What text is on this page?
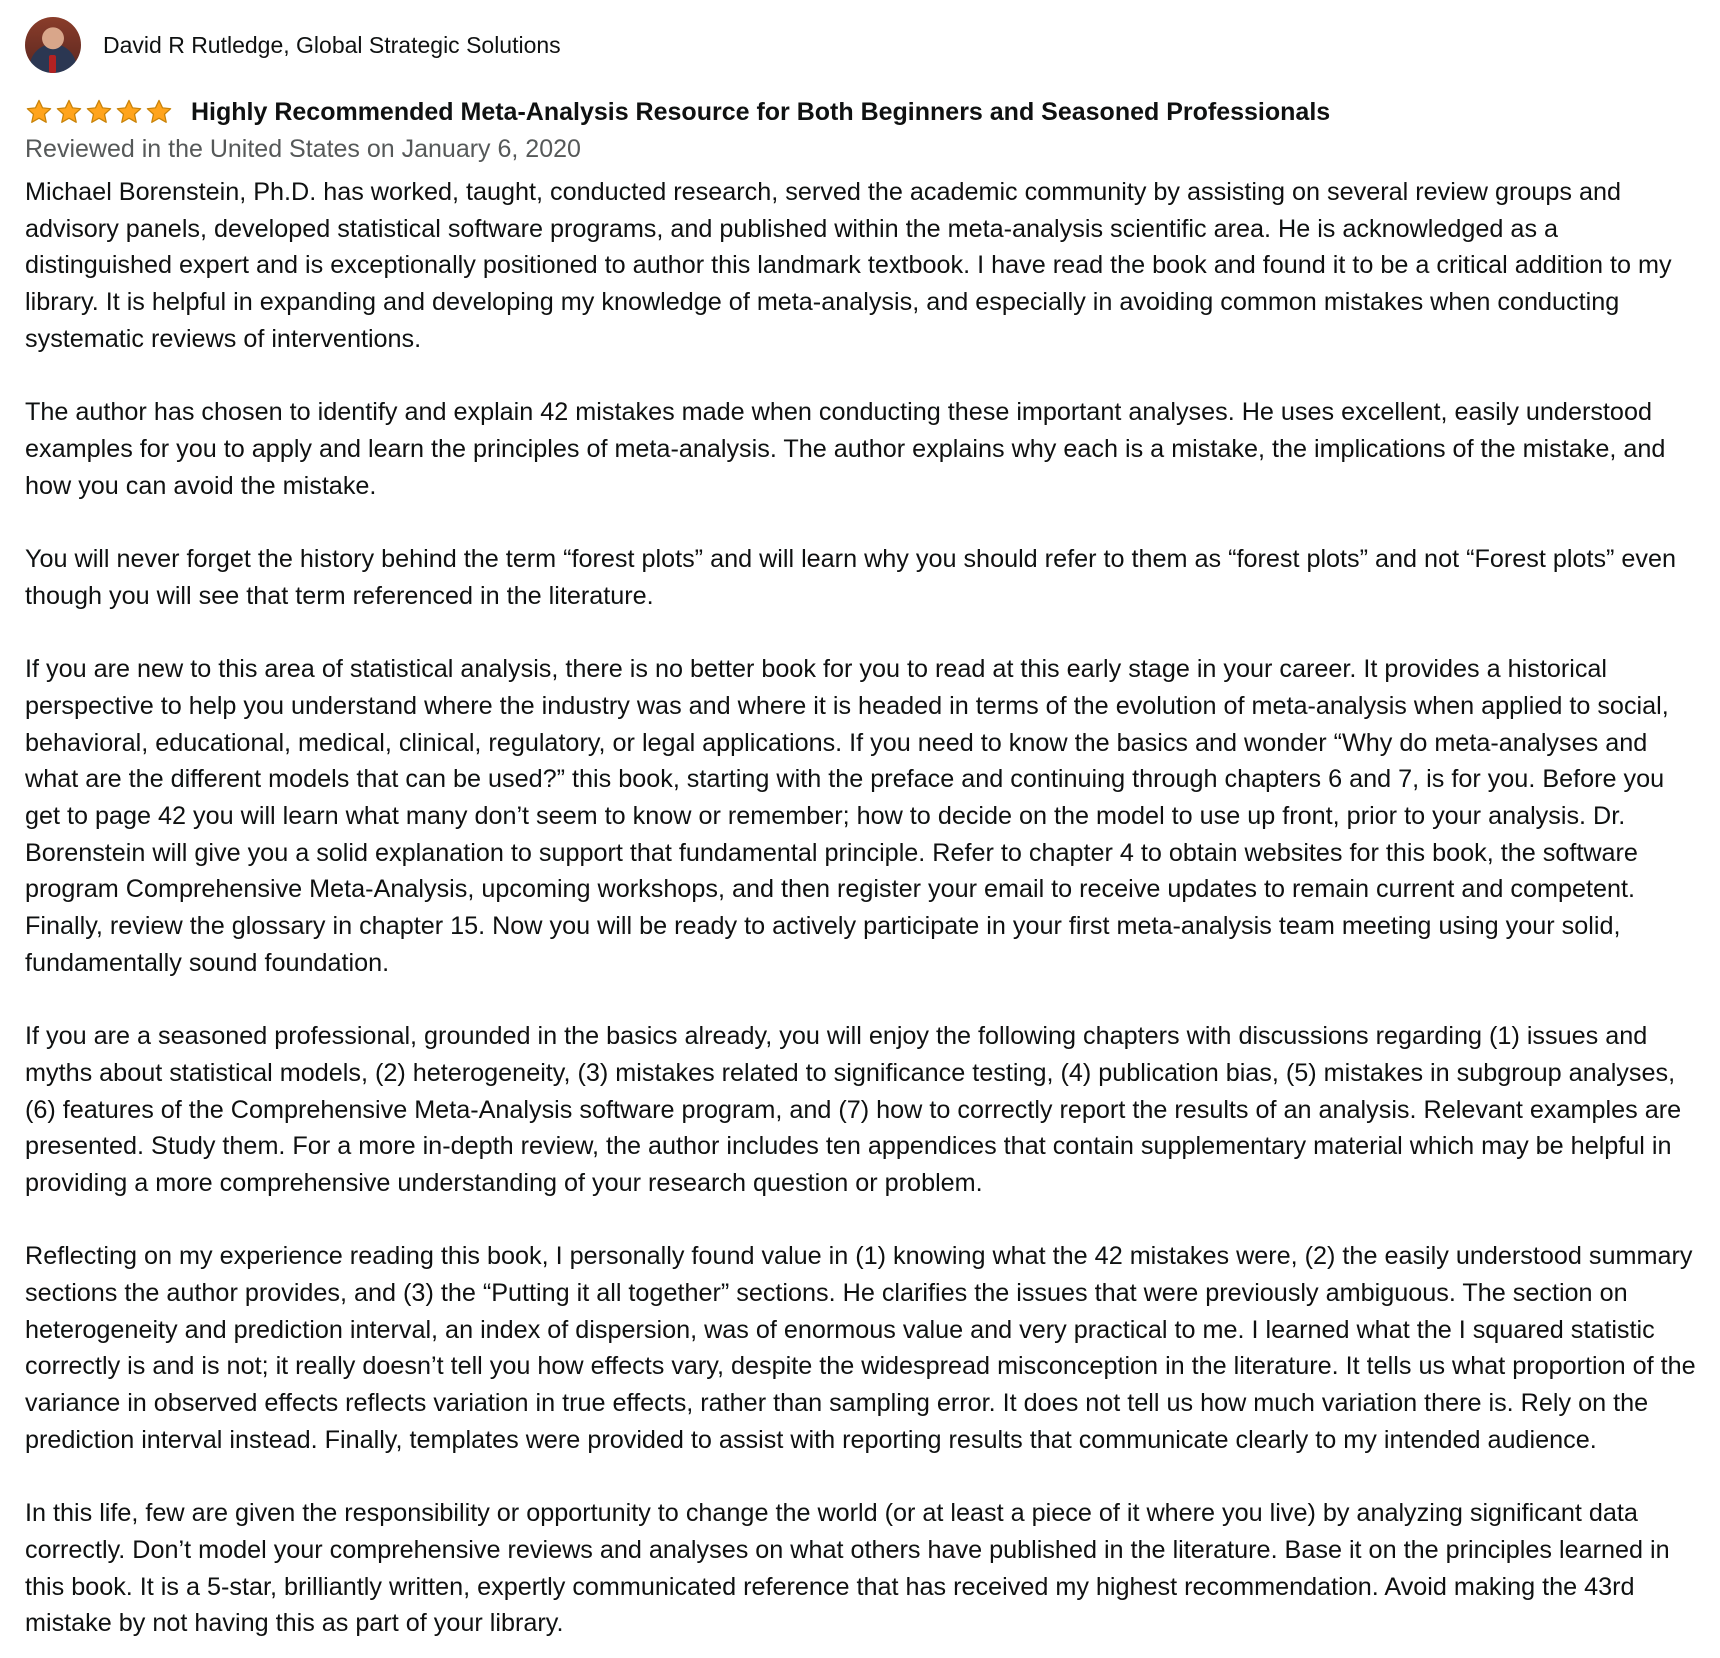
David R Rutledge, Global Strategic Solutions
Highly Recommended Meta-Analysis Resource for Both Beginners and Seasoned Professionals
Reviewed in the United States on January 6, 2020

Michael Borenstein, Ph.D. has worked, taught, conducted research, served the academic community by assisting on several review groups and advisory panels, developed statistical software programs, and published within the meta-analysis scientific area. He is acknowledged as a distinguished expert and is exceptionally positioned to author this landmark textbook. I have read the book and found it to be a critical addition to my library. It is helpful in expanding and developing my knowledge of meta-analysis, and especially in avoiding common mistakes when conducting systematic reviews of interventions.

The author has chosen to identify and explain 42 mistakes made when conducting these important analyses. He uses excellent, easily understood examples for you to apply and learn the principles of meta-analysis. The author explains why each is a mistake, the implications of the mistake, and how you can avoid the mistake.

You will never forget the history behind the term “forest plots” and will learn why you should refer to them as “forest plots” and not “Forest plots” even though you will see that term referenced in the literature.

If you are new to this area of statistical analysis, there is no better book for you to read at this early stage in your career. It provides a historical perspective to help you understand where the industry was and where it is headed in terms of the evolution of meta-analysis when applied to social, behavioral, educational, medical, clinical, regulatory, or legal applications. If you need to know the basics and wonder “Why do meta-analyses and what are the different models that can be used?” this book, starting with the preface and continuing through chapters 6 and 7, is for you. Before you get to page 42 you will learn what many don’t seem to know or remember; how to decide on the model to use up front, prior to your analysis. Dr. Borenstein will give you a solid explanation to support that fundamental principle. Refer to chapter 4 to obtain websites for this book, the software program Comprehensive Meta-Analysis, upcoming workshops, and then register your email to receive updates to remain current and competent. Finally, review the glossary in chapter 15. Now you will be ready to actively participate in your first meta-analysis team meeting using your solid, fundamentally sound foundation.

If you are a seasoned professional, grounded in the basics already, you will enjoy the following chapters with discussions regarding (1) issues and myths about statistical models, (2) heterogeneity, (3) mistakes related to significance testing, (4) publication bias, (5) mistakes in subgroup analyses, (6) features of the Comprehensive Meta-Analysis software program, and (7) how to correctly report the results of an analysis. Relevant examples are presented. Study them. For a more in-depth review, the author includes ten appendices that contain supplementary material which may be helpful in providing a more comprehensive understanding of your research question or problem.

Reflecting on my experience reading this book, I personally found value in (1) knowing what the 42 mistakes were, (2) the easily understood summary sections the author provides, and (3) the “Putting it all together” sections. He clarifies the issues that were previously ambiguous. The section on heterogeneity and prediction interval, an index of dispersion, was of enormous value and very practical to me. I learned what the I squared statistic correctly is and is not; it really doesn’t tell you how effects vary, despite the widespread misconception in the literature. It tells us what proportion of the variance in observed effects reflects variation in true effects, rather than sampling error. It does not tell us how much variation there is. Rely on the prediction interval instead. Finally, templates were provided to assist with reporting results that communicate clearly to my intended audience.

In this life, few are given the responsibility or opportunity to change the world (or at least a piece of it where you live) by analyzing significant data correctly. Don’t model your comprehensive reviews and analyses on what others have published in the literature. Base it on the principles learned in this book. It is a 5-star, brilliantly written, expertly communicated reference that has received my highest recommendation. Avoid making the 43rd mistake by not having this as part of your library.
